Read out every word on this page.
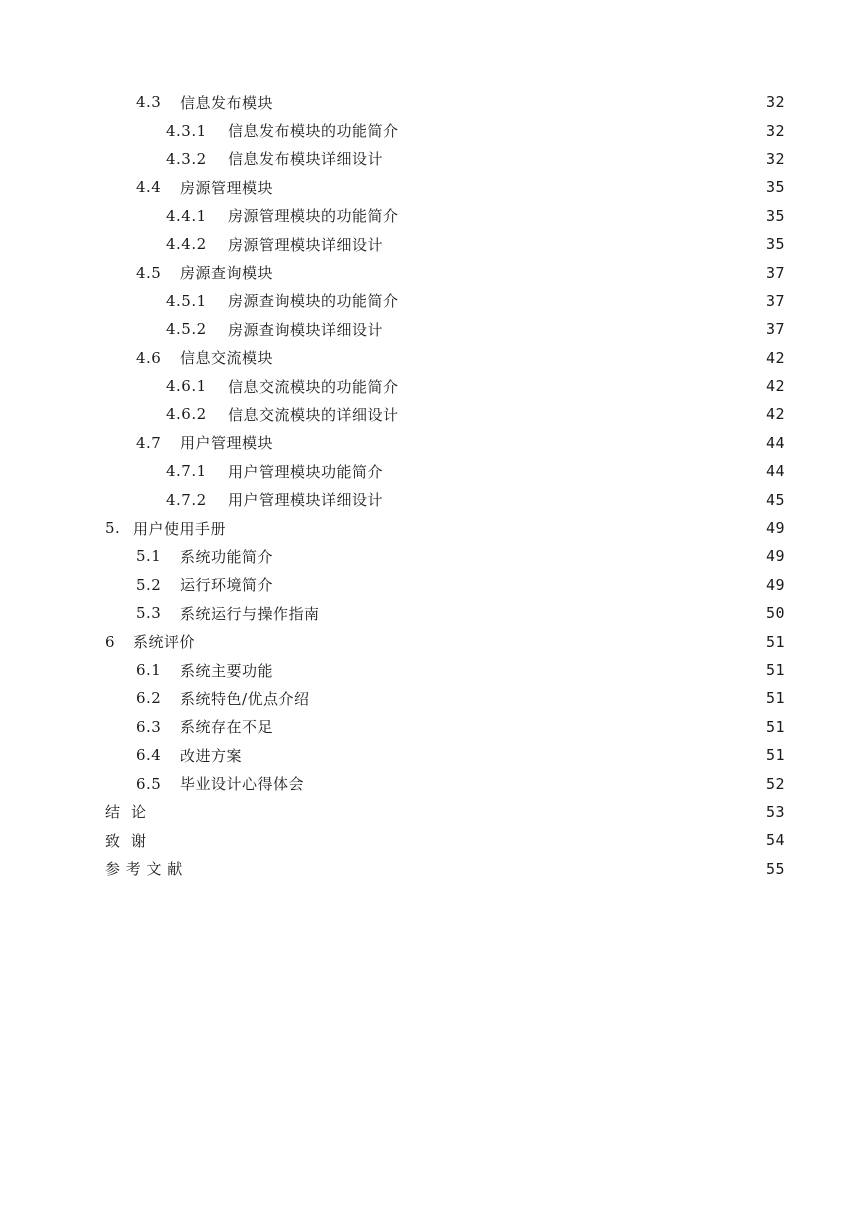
4.3	信息发布模块	32
4.3.1	信息发布模块的功能简介	32
4.3.2	信息发布模块详细设计	32
4.4	房源管理模块	35
4.4.1	房源管理模块的功能简介	35
4.4.2	房源管理模块详细设计	35
4.5	房源查询模块	37
4.5.1	房源查询模块的功能简介	37
4.5.2	房源查询模块详细设计	37
4.6	信息交流模块	42
4.6.1	信息交流模块的功能简介	42
4.6.2	信息交流模块的详细设计	42
4.7	用户管理模块	44
4.7.1	用户管理模块功能简介	44
4.7.2	用户管理模块详细设计	45
5. 用户使用手册	49
5.1	系统功能简介	49
5.2	运行环境简介	49
5.3	系统运行与操作指南	50
6	系统评价	51
6.1	系统主要功能	51
6.2	系统特色/优点介绍	51
6.3	系统存在不足	51
6.4	改进方案	51
6.5	毕业设计心得体会	52
结  论	53
致  谢	54
参 考 文 献	55
